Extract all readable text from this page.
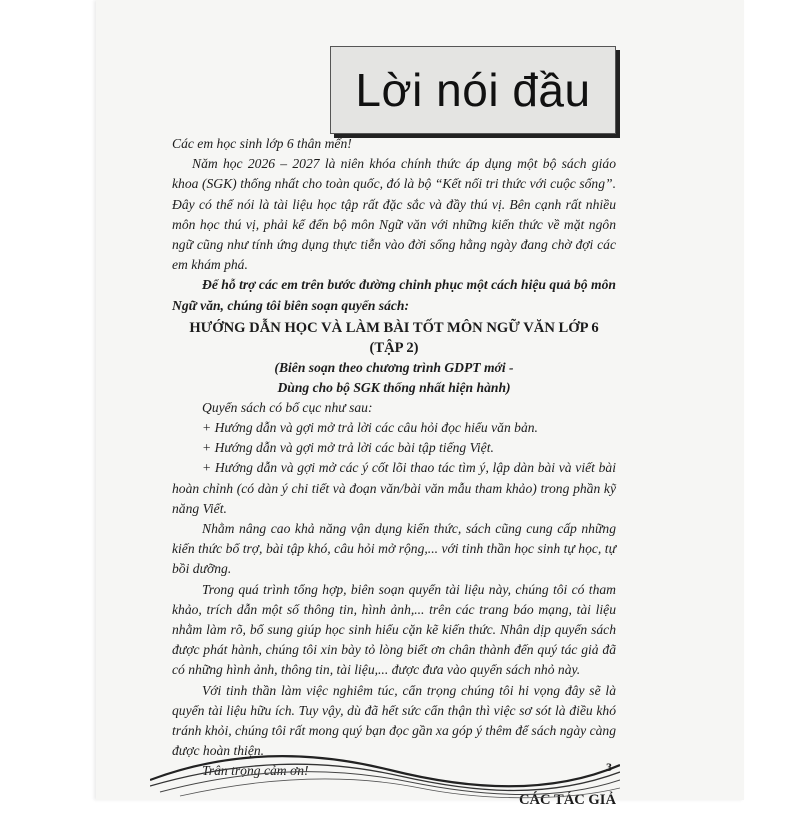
Lời nói đầu

Các em học sinh lớp 6 thân mến!

Năm học 2026 – 2027 là niên khóa chính thức áp dụng một bộ sách giáo khoa (SGK) thống nhất cho toàn quốc, đó là bộ “Kết nối tri thức với cuộc sống”. Đây có thể nói là tài liệu học tập rất đặc sắc và đầy thú vị. Bên cạnh rất nhiều môn học thú vị, phải kể đến bộ môn Ngữ văn với những kiến thức về mặt ngôn ngữ cũng như tính ứng dụng thực tiễn vào đời sống hằng ngày đang chờ đợi các em khám phá.

Để hỗ trợ các em trên bước đường chinh phục một cách hiệu quả bộ môn Ngữ văn, chúng tôi biên soạn quyển sách:

HƯỚNG DẪN HỌC VÀ LÀM BÀI TỐT MÔN NGỮ VĂN LỚP 6

(TẬP 2)

(Biên soạn theo chương trình GDPT mới -

Dùng cho bộ SGK thống nhất hiện hành)

Quyển sách có bố cục như sau:

+ Hướng dẫn và gợi mở trả lời các câu hỏi đọc hiểu văn bản.

+ Hướng dẫn và gợi mở trả lời các bài tập tiếng Việt.

+ Hướng dẫn và gợi mở các ý cốt lõi thao tác tìm ý, lập dàn bài và viết bài hoàn chỉnh (có dàn ý chi tiết và đoạn văn/bài văn mẫu tham khảo) trong phần kỹ năng Viết.

Nhằm nâng cao khả năng vận dụng kiến thức, sách cũng cung cấp những kiến thức bổ trợ, bài tập khó, câu hỏi mở rộng,... với tinh thần học sinh tự học, tự bồi dưỡng.

Trong quá trình tổng hợp, biên soạn quyển tài liệu này, chúng tôi có tham khảo, trích dẫn một số thông tin, hình ảnh,... trên các trang báo mạng, tài liệu nhằm làm rõ, bổ sung giúp học sinh hiểu cặn kẽ kiến thức. Nhân dịp quyển sách được phát hành, chúng tôi xin bày tỏ lòng biết ơn chân thành đến quý tác giả đã có những hình ảnh, thông tin, tài liệu,... được đưa vào quyển sách nhỏ này.

Với tinh thần làm việc nghiêm túc, cẩn trọng chúng tôi hi vọng đây sẽ là quyển tài liệu hữu ích. Tuy vậy, dù đã hết sức cẩn thận thì việc sơ sót là điều khó tránh khỏi, chúng tôi rất mong quý bạn đọc gần xa góp ý thêm để sách ngày càng được hoàn thiện.

Trân trọng cảm ơn!

CÁC TÁC GIẢ

3
